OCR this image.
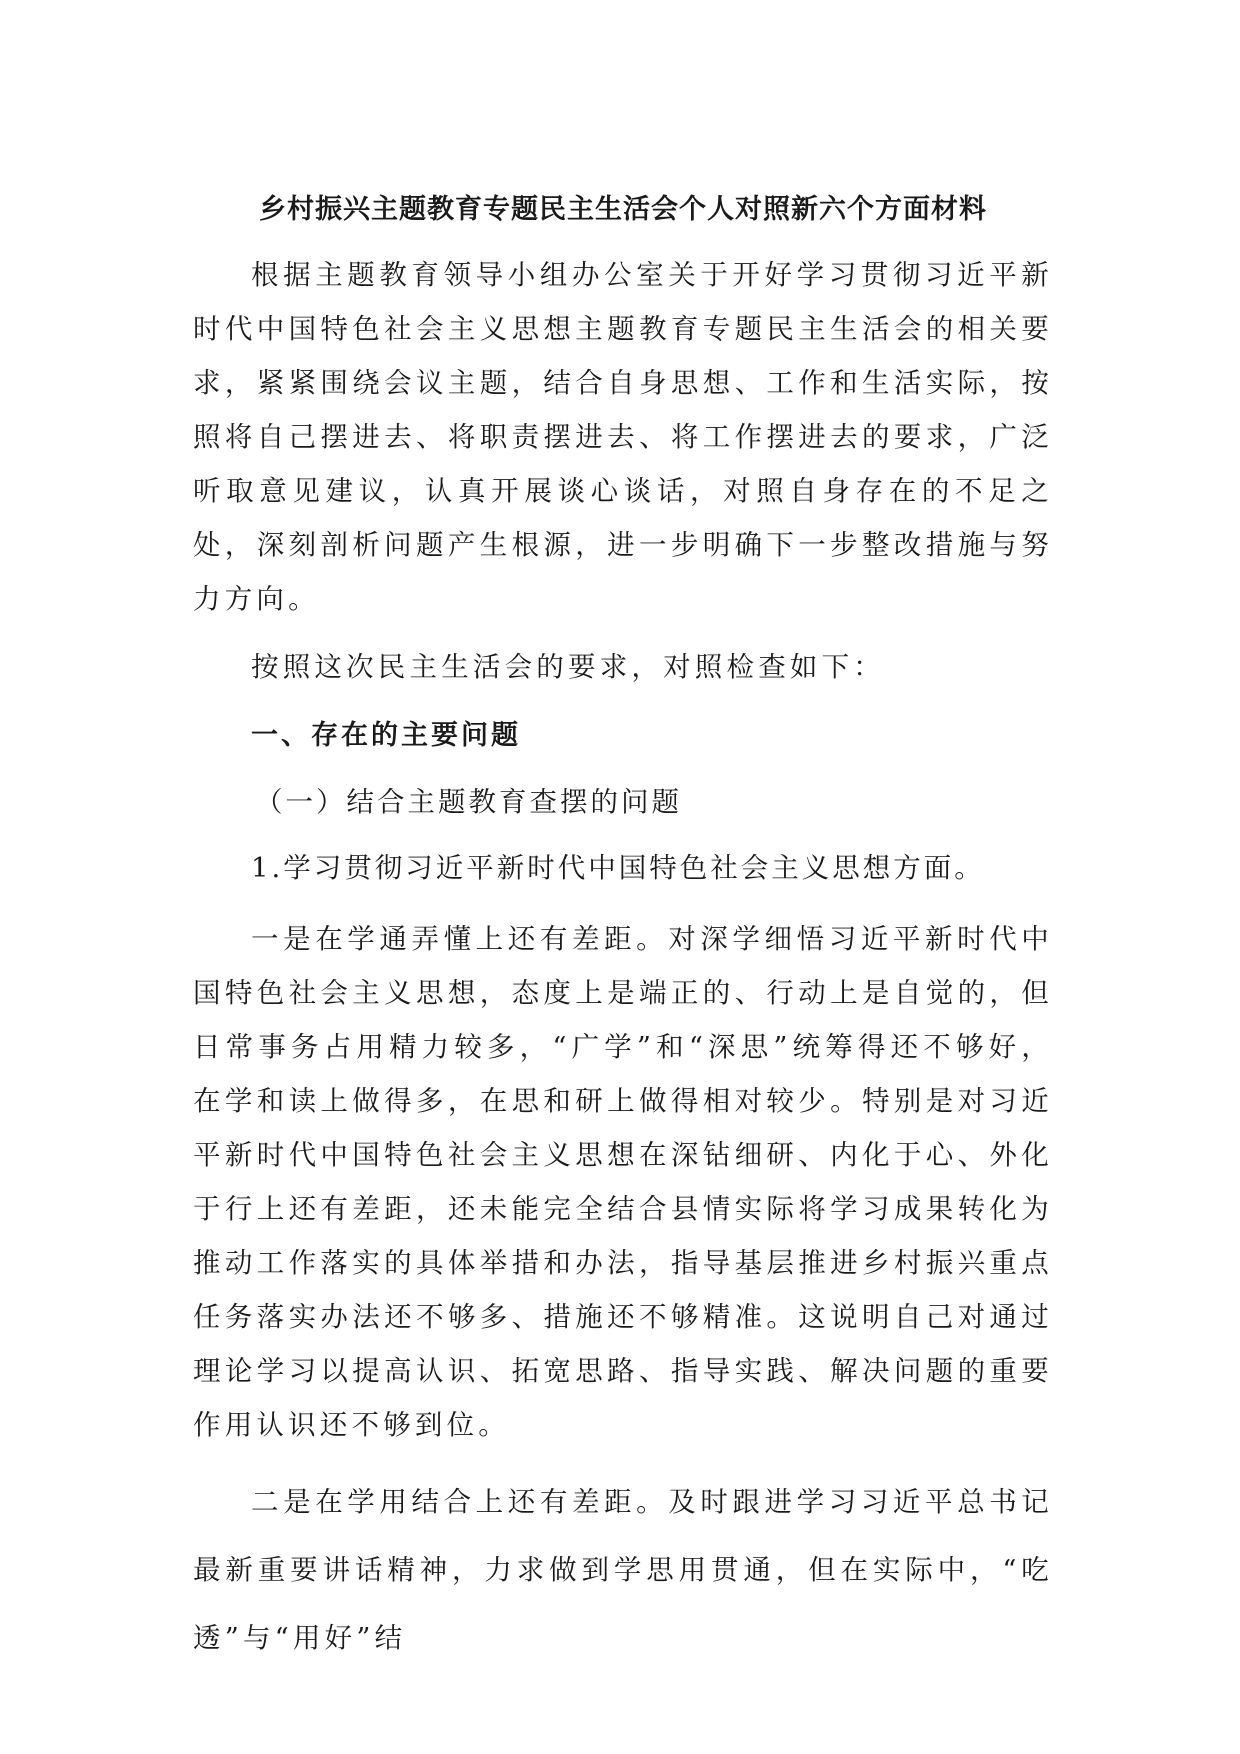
乡村振兴主题教育专题民主生活会个人对照新六个方面材料

根据主题教育领导小组办公室关于开好学习贯彻习近平新时代中国特色社会主义思想主题教育专题民主生活会的相关要求，紧紧围绕会议主题，结合自身思想、工作和生活实际，按照将自己摆进去、将职责摆进去、将工作摆进去的要求，广泛听取意见建议，认真开展谈心谈话，对照自身存在的不足之处，深刻剖析问题产生根源，进一步明确下一步整改措施与努力方向。

按照这次民主生活会的要求，对照检查如下：

一、存在的主要问题
（一）结合主题教育查摆的问题
1.学习贯彻习近平新时代中国特色社会主义思想方面。

一是在学通弄懂上还有差距。对深学细悟习近平新时代中国特色社会主义思想，态度上是端正的、行动上是自觉的，但日常事务占用精力较多，“广学”和“深思”统筹得还不够好，在学和读上做得多，在思和研上做得相对较少。特别是对习近平新时代中国特色社会主义思想在深钻细研、内化于心、外化于行上还有差距，还未能完全结合县情实际将学习成果转化为推动工作落实的具体举措和办法，指导基层推进乡村振兴重点任务落实办法还不够多、措施还不够精准。这说明自己对通过理论学习以提高认识、拓宽思路、指导实践、解决问题的重要作用认识还不够到位。

二是在学用结合上还有差距。及时跟进学习习近平总书记最新重要讲话精神，力求做到学思用贯通，但在实际中，“吃透”与“用好”结
